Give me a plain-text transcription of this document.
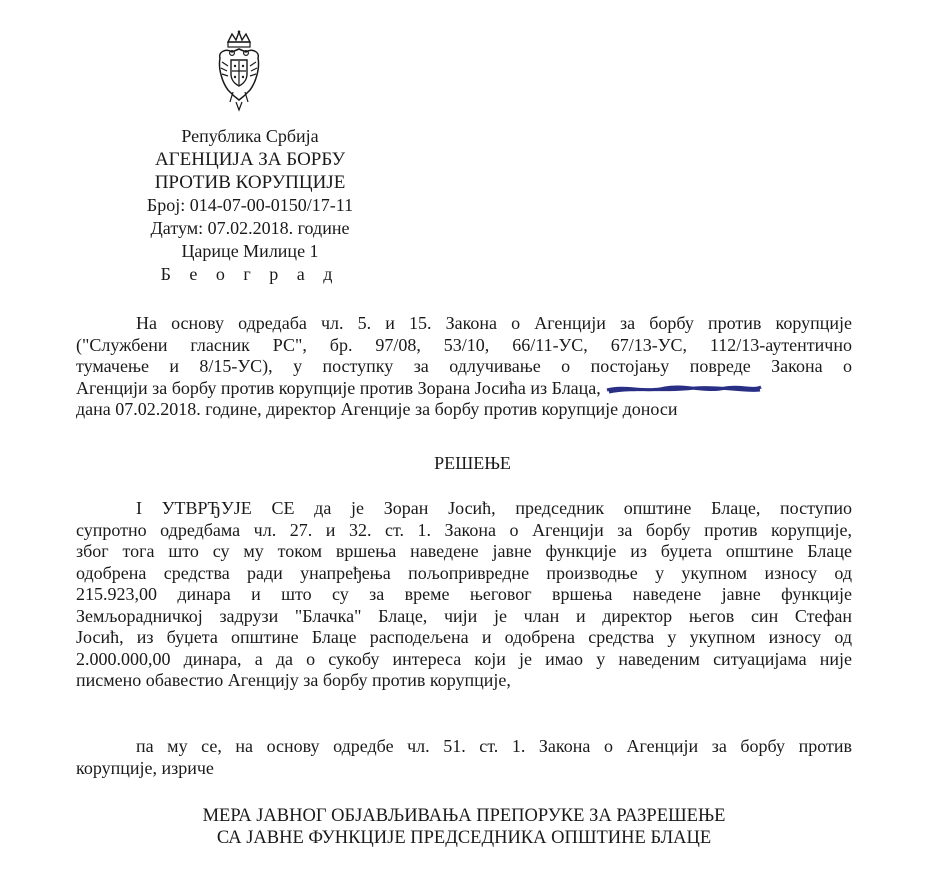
Република Србија
АГЕНЦИЈА ЗА БОРБУ
ПРОТИВ КОРУПЦИЈЕ
Број: 014-07-00-0150/17-11
Датум: 07.02.2018. године
Царице Милице 1
Б е о г р а д
На основу одредаба чл. 5. и 15. Закона о Агенцији за борбу против корупције
("Службени гласник РС", бр. 97/08, 53/10, 66/11-УС, 67/13-УС, 112/13-аутентично
тумачење и 8/15-УС), у поступку за одлучивање о постојању повреде Закона о
Агенцији за борбу против корупције против Зорана Јосића из Блаца,
дана 07.02.2018. године, директор Агенције за борбу против корупције доноси
РЕШЕЊЕ
I УТВРЂУЈЕ СЕ да је Зоран Јосић, председник општине Блаце, поступио
супротно одредбама чл. 27. и 32. ст. 1. Закона о Агенцији за борбу против корупције,
због тога што су му током вршења наведене јавне функције из буџета општине Блаце
одобрена средства ради унапређења пољопривредне производње у укупном износу од
215.923,00 динара и што су за време његовог вршења наведене јавне функције
Земљорадничкој задрузи "Блачка" Блаце, чији је члан и директор његов син Стефан
Јосић, из буџета општине Блаце расподељена и одобрена средства у укупном износу од
2.000.000,00 динара, а да о сукобу интереса који је имао у наведеним ситуацијама није
писмено обавестио Агенцију за борбу против корупције,
па му се, на основу одредбе чл. 51. ст. 1. Закона о Агенцији за борбу против
корупције, изриче
МЕРА ЈАВНОГ ОБЈАВЉИВАЊА ПРЕПОРУКЕ ЗА РАЗРЕШЕЊЕ
СА ЈАВНЕ ФУНКЦИЈЕ ПРЕДСЕДНИКА ОПШТИНЕ БЛАЦЕ
